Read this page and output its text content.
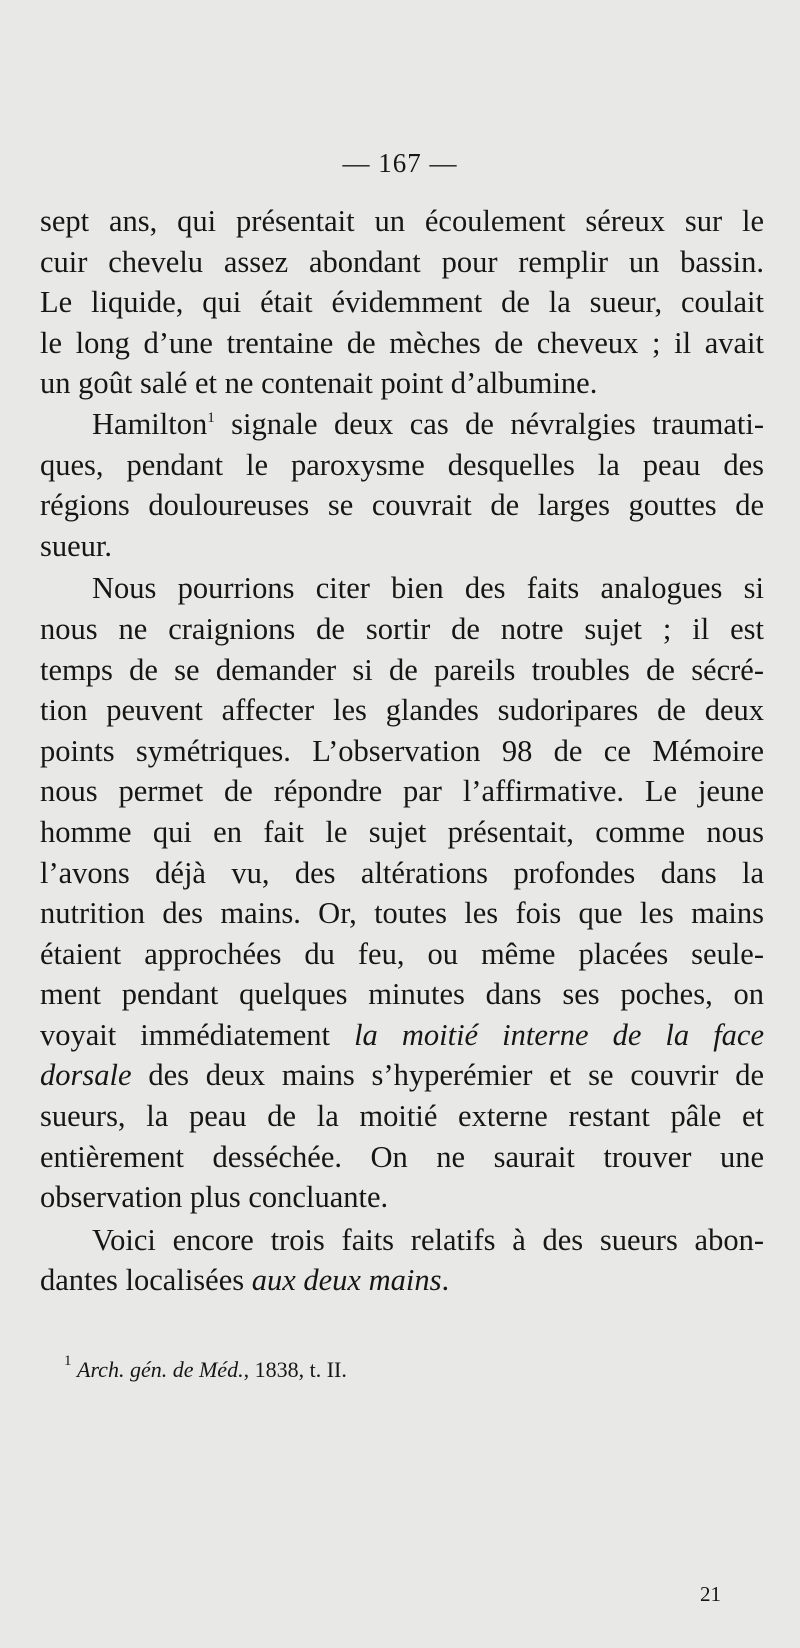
— 167 —
sept ans, qui présentait un écoulement séreux sur le
cuir chevelu assez abondant pour remplir un bassin.
Le liquide, qui était évidemment de la sueur, coulait
le long d’une trentaine de mèches de cheveux ; il avait
un goût salé et ne contenait point d’albumine.
Hamilton$^1$ signale deux cas de névralgies traumati-
ques, pendant le paroxysme desquelles la peau des
régions douloureuses se couvrait de larges gouttes de
sueur.
Nous pourrions citer bien des faits analogues si
nous ne craignions de sortir de notre sujet ; il est
temps de se demander si de pareils troubles de sécré-
tion peuvent affecter les glandes sudoripares de deux
points symétriques. L’observation 98 de ce Mémoire
nous permet de répondre par l’affirmative. Le jeune
homme qui en fait le sujet présentait, comme nous
l’avons déjà vu, des altérations profondes dans la
nutrition des mains. Or, toutes les fois que les mains
étaient approchées du feu, ou même placées seule-
ment pendant quelques minutes dans ses poches, on
voyait immédiatement la moitié interne de la face
dorsale des deux mains s’hyperémier et se couvrir de
sueurs, la peau de la moitié externe restant pâle et
entièrement desséchée. On ne saurait trouver une
observation plus concluante.
Voici encore trois faits relatifs à des sueurs abon-
dantes localisées aux deux mains.
$^1$ Arch. gén. de Méd., 1838, t. II.
21
